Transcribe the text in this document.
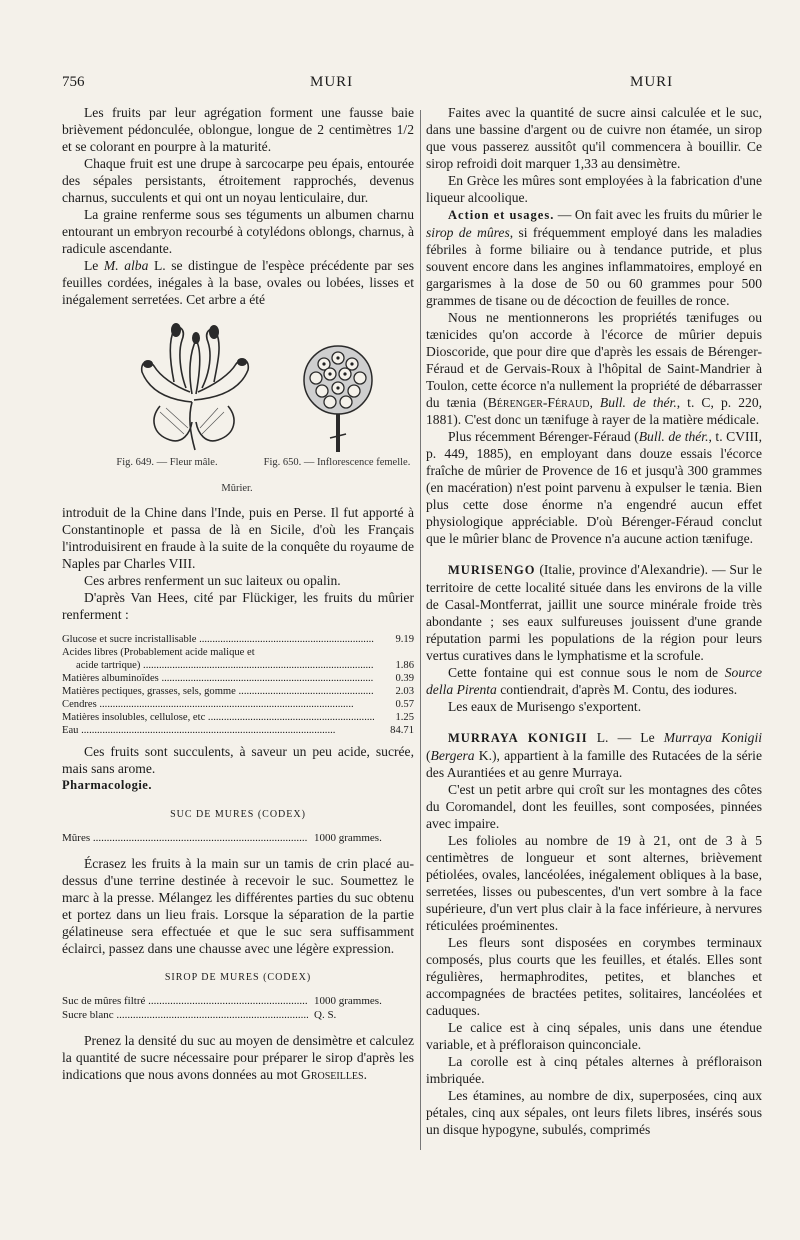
756	MURI	MURI

Les fruits par leur agrégation forment une fausse baie brièvement pédonculée, oblongue, longue de 2 centimètres 1/2 et se colorant en pourpre à la maturité.

Chaque fruit est une drupe à sarcocarpe peu épais, entourée des sépales persistants, étroitement rapprochés, devenus charnus, succulents et qui ont un noyau lenticulaire, dur.

La graine renferme sous ses téguments un albumen charnu entourant un embryon recourbé à cotylédons oblongs, charnus, à radicule ascendante.

Le M. alba L. se distingue de l'espèce précédente par ses feuilles cordées, inégales à la base, ovales ou lobées, lisses et inégalement serretées. Cet arbre a été

Fig. 649. — Fleur mâle.	Fig. 650. — Inflorescence femelle.
Mûrier.

introduit de la Chine dans l'Inde, puis en Perse. Il fut apporté à Constantinople et passa de là en Sicile, d'où les Français l'introduisirent en fraude à la suite de la conquête du royaume de Naples par Charles VIII.

Ces arbres renferment un suc laiteux ou opalin.

D'après Van Hees, cité par Flückiger, les fruits du mûrier renferment :

Glucose et sucre incristallisable .....	9.19
Acides libres (Probablement acide malique et
acide tartrique) .....	1.86
Matières albuminoïdes .....	0.39
Matières pectiques, grasses, sels, gomme .....	2.03
Cendres .....	0.57
Matières insolubles, cellulose, etc .....	1.25
Eau .....	84.71

Ces fruits sont succulents, à saveur un peu acide, sucrée, mais sans arome.

Pharmacologie.
SUC DE MURES (CODEX)
Mûres .....	1000 grammes.

Écrasez les fruits à la main sur un tamis de crin placé au-dessus d'une terrine destinée à recevoir le suc. Soumettez le marc à la presse. Mélangez les différentes parties du suc obtenu et portez dans un lieu frais. Lorsque la séparation de la partie gélatineuse sera effectuée et que le suc sera suffisamment éclairci, passez dans une chausse avec une légère expression.

SIROP DE MURES (CODEX)
Suc de mûres filtré .....	1000 grammes.
Sucre blanc .....	Q. S.

Prenez la densité du suc au moyen de densimètre et calculez la quantité de sucre nécessaire pour préparer le sirop d'après les indications que nous avons données au mot Groseilles.

Faites avec la quantité de sucre ainsi calculée et le suc, dans une bassine d'argent ou de cuivre non étamée, un sirop que vous passerez aussitôt qu'il commencera à bouillir. Ce sirop refroidi doit marquer 1,33 au densimètre.

En Grèce les mûres sont employées à la fabrication d'une liqueur alcoolique.

Action et usages. — On fait avec les fruits du mûrier le sirop de mûres, si fréquemment employé dans les maladies fébriles à forme biliaire ou à tendance putride, et plus souvent encore dans les angines inflammatoires, employé en gargarismes à la dose de 50 ou 60 grammes pour 500 grammes de tisane ou de décoction de feuilles de ronce.

Nous ne mentionnerons les propriétés tænifuges ou tænicides qu'on accorde à l'écorce de mûrier depuis Dioscoride, que pour dire que d'après les essais de Bérenger-Féraud et de Gervais-Roux à l'hôpital de Saint-Mandrier à Toulon, cette écorce n'a nullement la propriété de débarrasser du tænia (Bérenger-Féraud, Bull. de thér., t. C, p. 220, 1881). C'est donc un tænifuge à rayer de la matière médicale.

Plus récemment Bérenger-Féraud (Bull. de thér., t. CVIII, p. 449, 1885), en employant dans douze essais l'écorce fraîche de mûrier de Provence de 16 et jusqu'à 300 grammes (en macération) n'est point parvenu à expulser le tænia. Bien plus cette dose énorme n'a engendré aucun effet physiologique appréciable. D'où Bérenger-Féraud conclut que le mûrier blanc de Provence n'a aucune action tænifuge.

MURISENGO (Italie, province d'Alexandrie). — Sur le territoire de cette localité située dans les environs de la ville de Casal-Montferrat, jaillit une source minérale froide très abondante ; ses eaux sulfureuses jouissent d'une grande réputation parmi les populations de la région pour leurs vertus curatives dans le lymphatisme et la scrofule.

Cette fontaine qui est connue sous le nom de Source della Pirenta contiendrait, d'après M. Contu, des iodures.

Les eaux de Murisengo s'exportent.

MURRAYA KONIGII L. — Le Murraya Konigii (Bergera K.), appartient à la famille des Rutacées de la série des Aurantiées et au genre Murraya.

C'est un petit arbre qui croît sur les montagnes des côtes du Coromandel, dont les feuilles, sont composées, pinnées avec impaire.

Les folioles au nombre de 19 à 21, ont de 3 à 5 centimètres de longueur et sont alternes, brièvement pétiolées, ovales, lancéolées, inégalement obliques à la base, serretées, lisses ou pubescentes, d'un vert sombre à la face supérieure, d'un vert plus clair à la face inférieure, à nervures réticulées proéminentes.

Les fleurs sont disposées en corymbes terminaux composés, plus courts que les feuilles, et étalés. Elles sont régulières, hermaphrodites, petites, et blanches et accompagnées de bractées petites, solitaires, lancéolées et caduques.

Le calice est à cinq sépales, unis dans une étendue variable, et à préfloraison quinconciale.

La corolle est à cinq pétales alternes à préfloraison imbriquée.

Les étamines, au nombre de dix, superposées, cinq aux pétales, cinq aux sépales, ont leurs filets libres, insérés sous un disque hypogyne, subulés, comprimés
